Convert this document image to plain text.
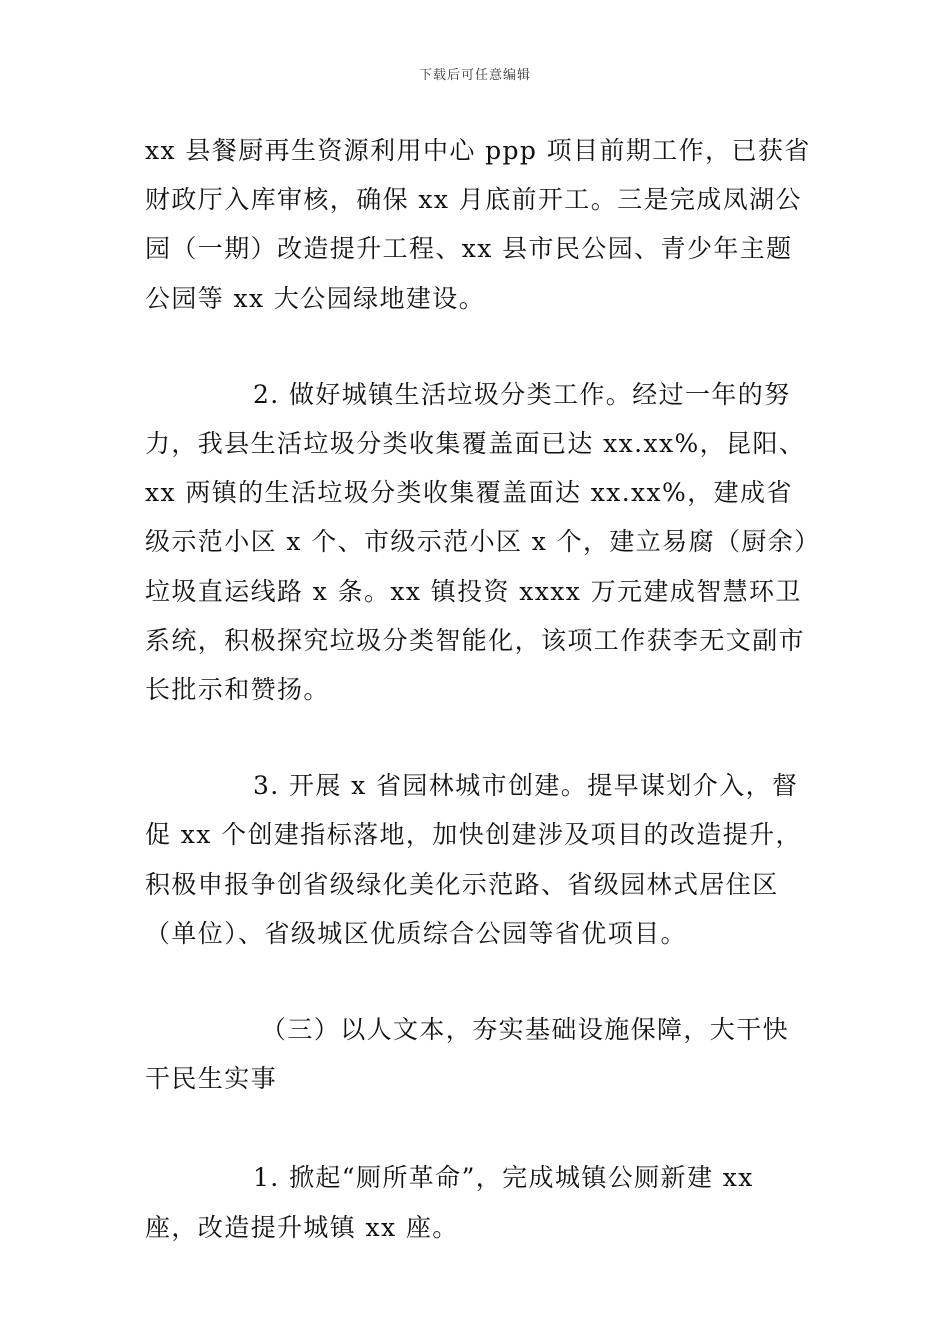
下载后可任意编辑

xx 县餐厨再生资源利用中心 ppp 项目前期工作，已获省财政厅入库审核，确保 xx 月底前开工。三是完成凤湖公园（一期）改造提升工程、xx 县市民公园、青少年主题公园等 xx 大公园绿地建设。

2. 做好城镇生活垃圾分类工作。经过一年的努力，我县生活垃圾分类收集覆盖面已达 xx.xx%，昆阳、xx 两镇的生活垃圾分类收集覆盖面达 xx.xx%，建成省级示范小区 x 个、市级示范小区 x 个，建立易腐（厨余）垃圾直运线路 x 条。xx 镇投资 xxxx 万元建成智慧环卫系统，积极探究垃圾分类智能化，该项工作获李无文副市长批示和赞扬。

3. 开展 x 省园林城市创建。提早谋划介入，督促 xx 个创建指标落地，加快创建涉及项目的改造提升，积极申报争创省级绿化美化示范路、省级园林式居住区（单位）、省级城区优质综合公园等省优项目。

（三）以人文本，夯实基础设施保障，大干快干民生实事

1. 掀起“厕所革命”，完成城镇公厕新建 xx 座，改造提升城镇 xx 座。
